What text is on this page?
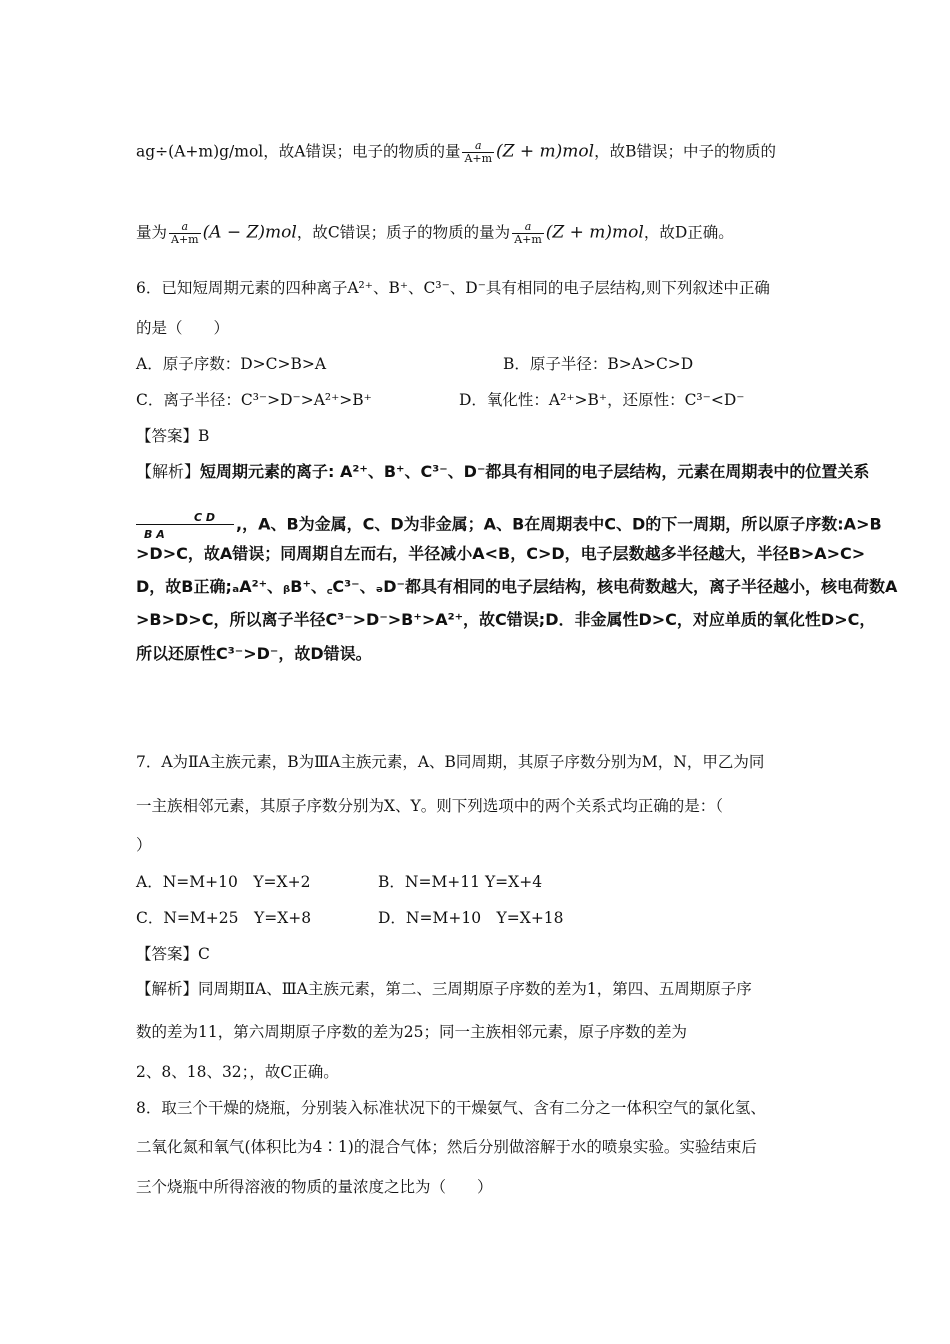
ag÷(A+m)g/mol，故A错误；电子的物质的量 $\frac{a}{A+m} (Z + m)mol$，故B错误；中子的物质的
量为 $\frac{a}{A+m} (A - Z)mol$，故C错误；质子的物质的量为 $\frac{a}{A+m} (Z + m)mol$，故D正确。
6．已知短周期元素的四种离子A²⁺、B⁺、C³⁻、D⁻具有相同的电子层结构,则下列叙述中正确
的是（　　）
A．原子序数：D>C>B>A	B．原子半径：B>A>C>D
C．离子半径：C³⁻>D⁻>A²⁺>B⁺	D．氧化性：A²⁺>B⁺，还原性：C³⁻<D⁻
【答案】B
【解析】短周期元素的离子: A²⁺、B⁺、C³⁻、D⁻都具有相同的电子层结构，元素在周期表中的位置关系
C D
B A
,，A、B为金属，C、D为非金属；A、B在周期表中C、D的下一周期，所以原子序数:A>B
>D>C，故A错误；同周期自左而右，半径减小A<B，C>D，电子层数越多半径越大，半径B>A>C>
D，故B正确;ₐA²⁺、ᵦB⁺、꜀C³⁻、ₔD⁻都具有相同的电子层结构，核电荷数越大，离子半径越小，核电荷数A
>B>D>C，所以离子半径C³⁻>D⁻>B⁺>A²⁺，故C错误;D．非金属性D>C，对应单质的氧化性D>C，
所以还原性C³⁻>D⁻，故D错误。
7．A为ⅡA主族元素，B为ⅢA主族元素，A、B同周期，其原子序数分别为M，N，甲乙为同
一主族相邻元素，其原子序数分别为X、Y。则下列选项中的两个关系式均正确的是：（
）
A．N=M+10　Y=X+2	B．N=M+11 Y=X+4
C．N=M+25　Y=X+8	D．N=M+10　Y=X+18
【答案】C
【解析】同周期ⅡA、ⅢA主族元素，第二、三周期原子序数的差为1，第四、五周期原子序
数的差为11，第六周期原子序数的差为25；同一主族相邻元素，原子序数的差为
2、8、18、32；，故C正确。
8．取三个干燥的烧瓶，分别装入标准状况下的干燥氨气、含有二分之一体积空气的氯化氢、
二氧化氮和氧气(体积比为4∶1)的混合气体；然后分别做溶解于水的喷泉实验。实验结束后
三个烧瓶中所得溶液的物质的量浓度之比为（　　）
